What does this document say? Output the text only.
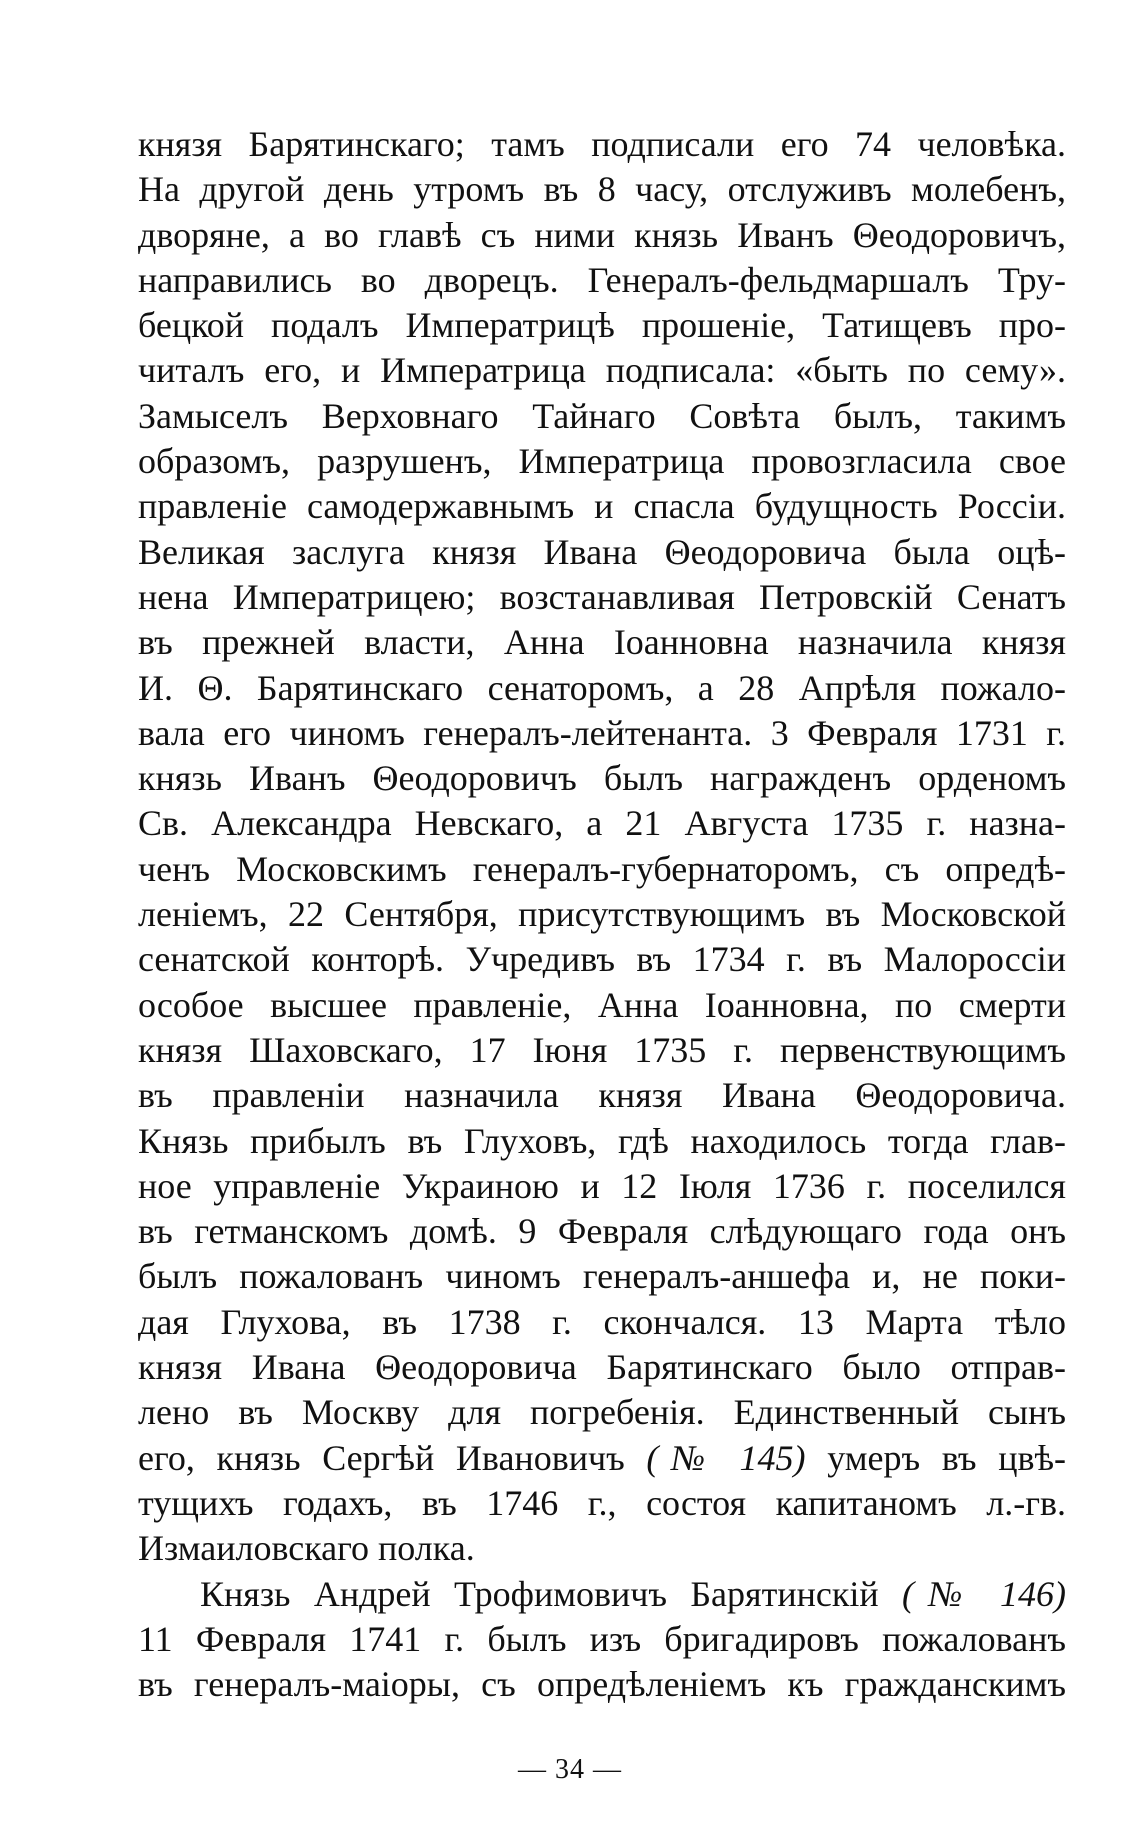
князя Барятинскаго; тамъ подписали его 74 человѣка.
На другой день утромъ въ 8 часу, отслуживъ молебенъ,
дворяне, а во главѣ съ ними князь Иванъ Θеодоровичъ,
направились во дворецъ. Генералъ-фельдмаршалъ Тру-
бецкой подалъ Императрицѣ прошеніе, Татищевъ про-
читалъ его, и Императрица подписала: «быть по сему».
Замыселъ Верховнаго Тайнаго Совѣта былъ, такимъ
образомъ, разрушенъ, Императрица провозгласила свое
правленіе самодержавнымъ и спасла будущность Россіи.
Великая заслуга князя Ивана Θеодоровича была оцѣ-
нена Императрицею; возстанавливая Петровскій Сенатъ
въ прежней власти, Анна Іоанновна назначила князя
И. Θ. Барятинскаго сенаторомъ, а 28 Апрѣля пожало-
вала его чиномъ генералъ-лейтенанта. 3 Февраля 1731 г.
князь Иванъ Θеодоровичъ былъ награжденъ орденомъ
Св. Александра Невскаго, а 21 Августа 1735 г. назна-
ченъ Московскимъ генералъ-губернаторомъ, съ опредѣ-
леніемъ, 22 Сентября, присутствующимъ въ Московской
сенатской конторѣ. Учредивъ въ 1734 г. въ Малороссіи
особое высшее правленіе, Анна Іоанновна, по смерти
князя Шаховскаго, 17 Іюня 1735 г. первенствующимъ
въ правленіи назначила князя Ивана Θеодоровича.
Князь прибылъ въ Глуховъ, гдѣ находилось тогда глав-
ное управленіе Украиною и 12 Іюля 1736 г. поселился
въ гетманскомъ домѣ. 9 Февраля слѣдующаго года онъ
былъ пожалованъ чиномъ генералъ-аншефа и, не поки-
дая Глухова, въ 1738 г. скончался. 13 Марта тѣло
князя Ивана Θеодоровича Барятинскаго было отправ-
лено въ Москву для погребенія. Единственный сынъ
его, князь Сергѣй Ивановичъ (№ 145) умеръ въ цвѣ-
тущихъ годахъ, въ 1746 г., состоя капитаномъ л.-гв.
Измаиловскаго полка.
Князь Андрей Трофимовичъ Барятинскій (№ 146)
11 Февраля 1741 г. былъ изъ бригадировъ пожалованъ
въ генералъ-маіоры, съ опредѣленіемъ къ гражданскимъ
— 34 —
